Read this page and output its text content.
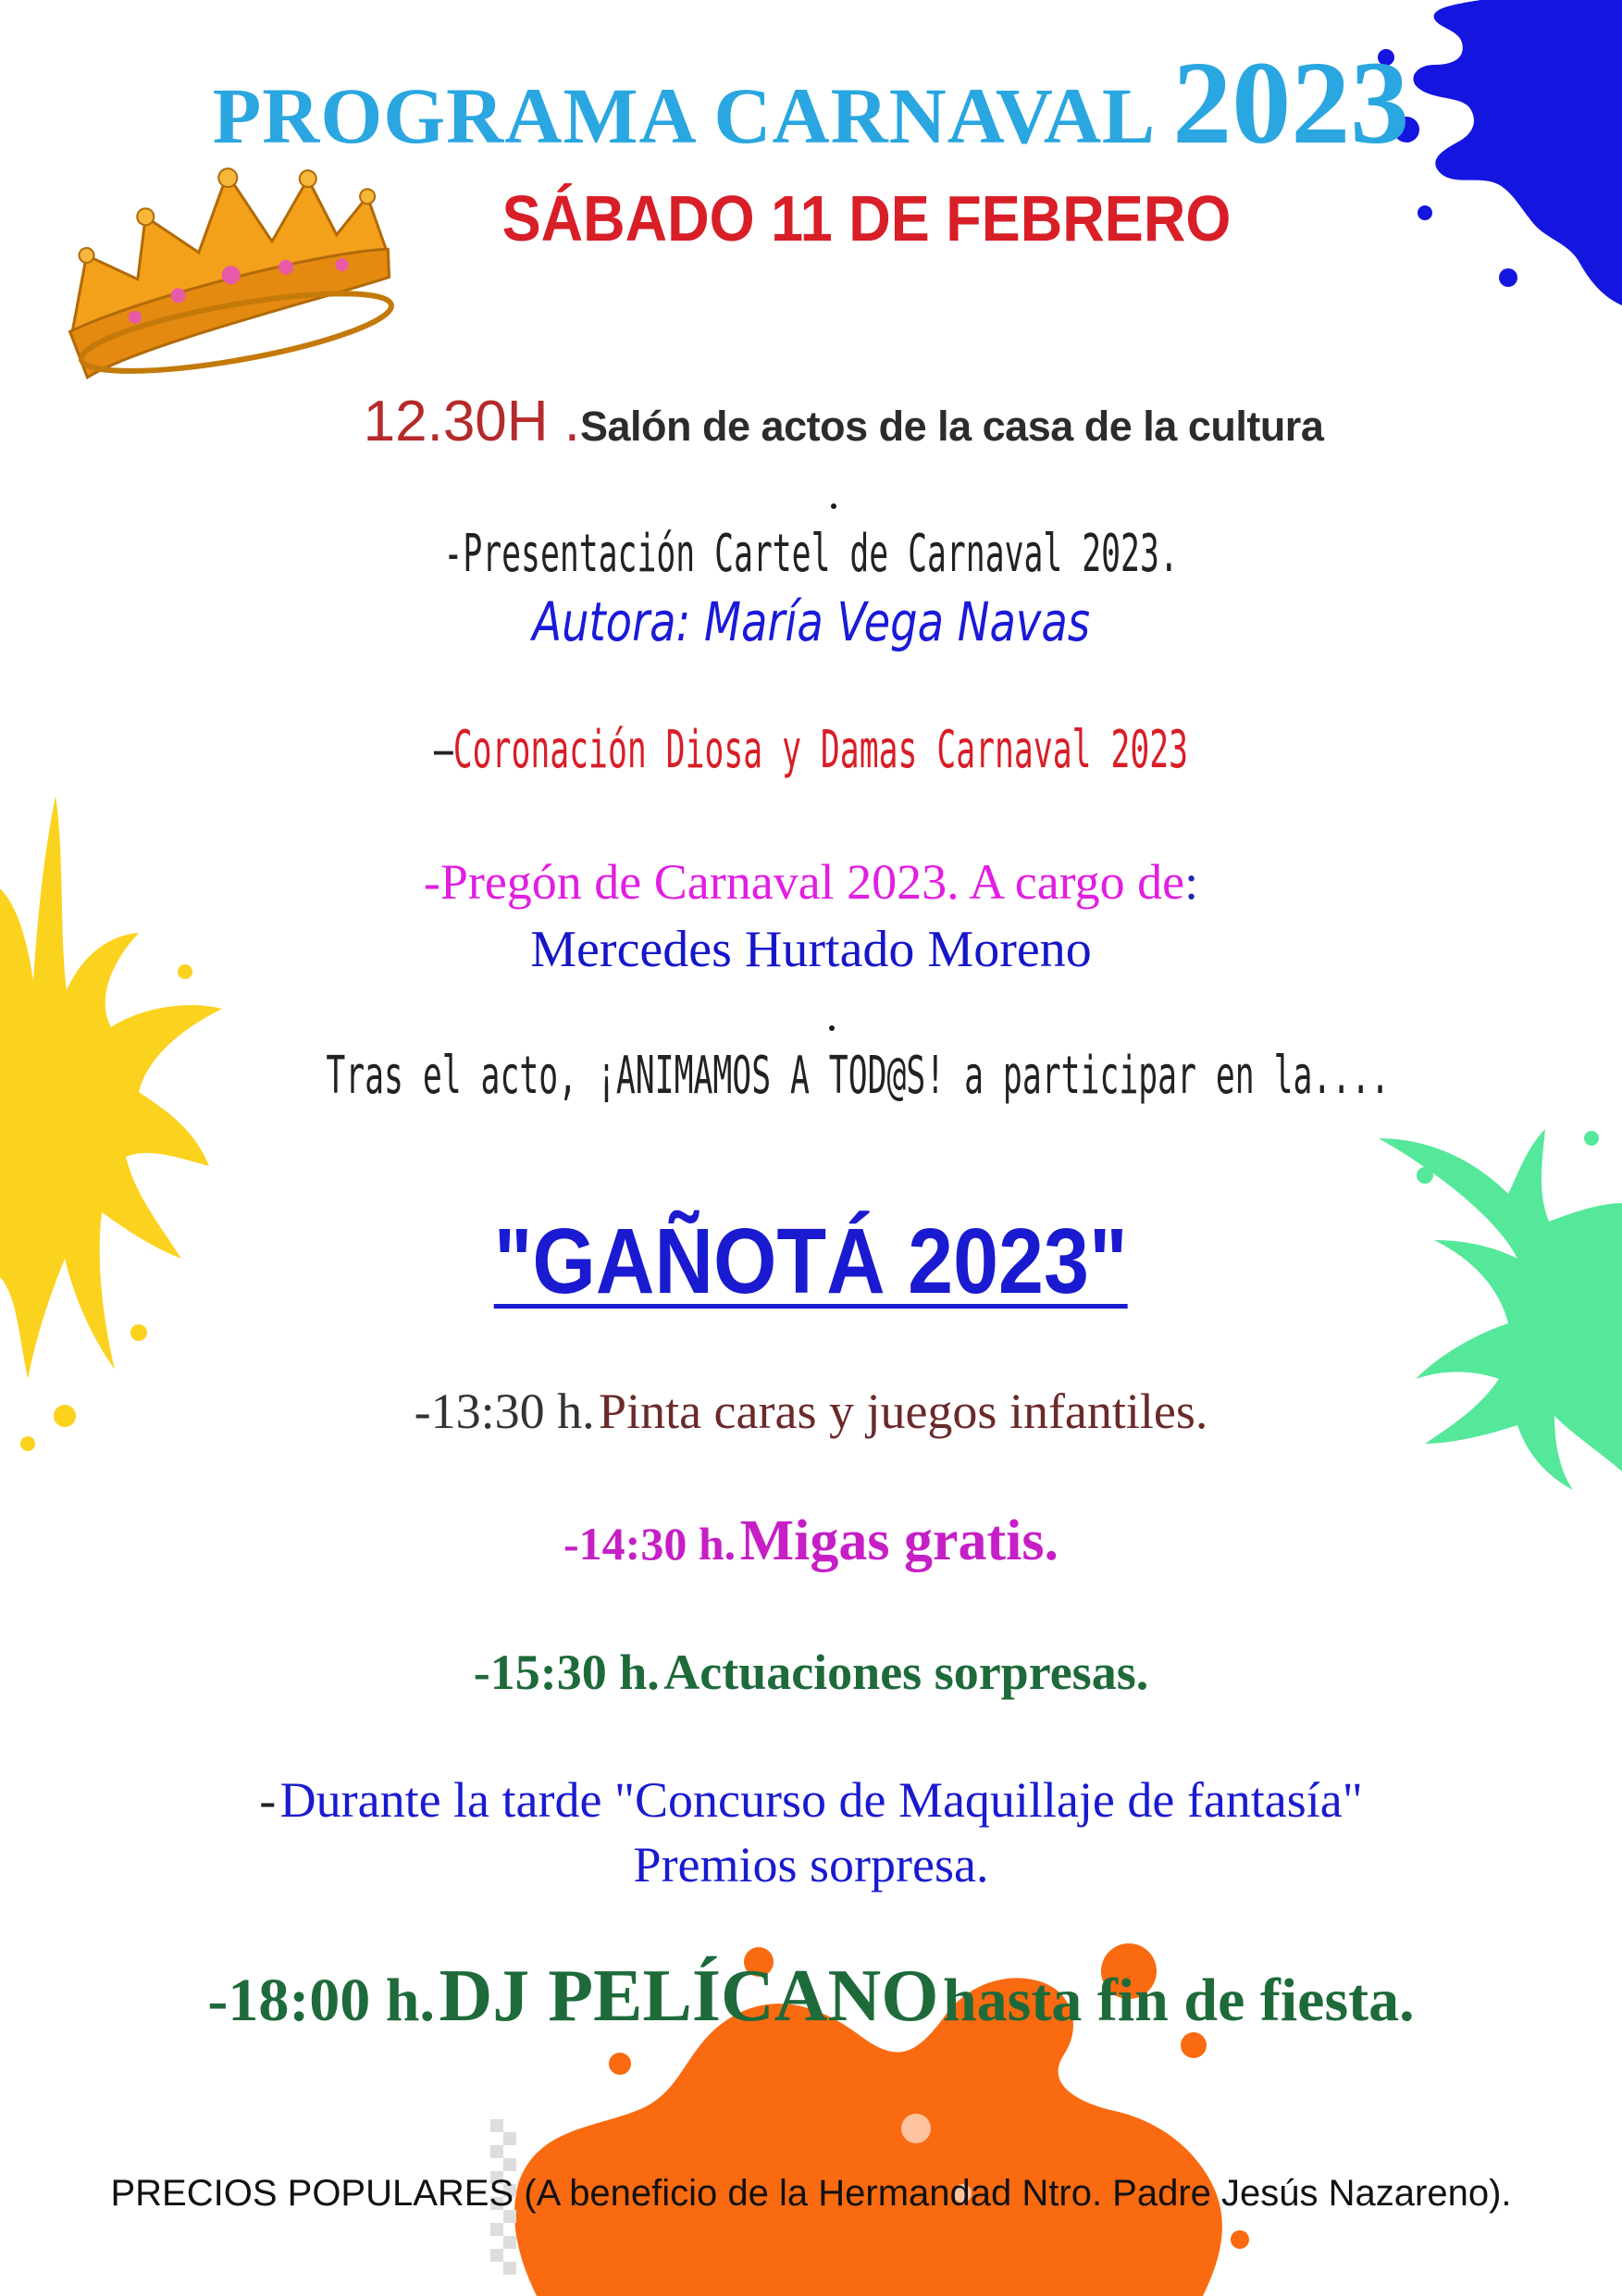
PROGRAMA CARNAVAL 2023
SÁBADO 11 DE FEBRERO
12.30H .Salón de actos de la casa de la cultura
-Presentación Cartel de Carnaval 2023.
Autora: María Vega Navas
–Coronación Diosa y Damas Carnaval 2023
-Pregón de Carnaval 2023. A cargo de:
Mercedes Hurtado Moreno
Tras el acto, ¡ANIMAMOS A TOD@S! a participar en la....
"GAÑOTÁ 2023"
-13:30 h. Pinta caras y juegos infantiles.
-14:30 h. Migas gratis.
-15:30 h. Actuaciones sorpresas.
- Durante la tarde "Concurso de Maquillaje de fantasía"
Premios sorpresa.
-18:00 h. DJ PELÍCANO hasta fin de fiesta.
PRECIOS POPULARES (A beneficio de la Hermandad Ntro. Padre Jesús Nazareno).
